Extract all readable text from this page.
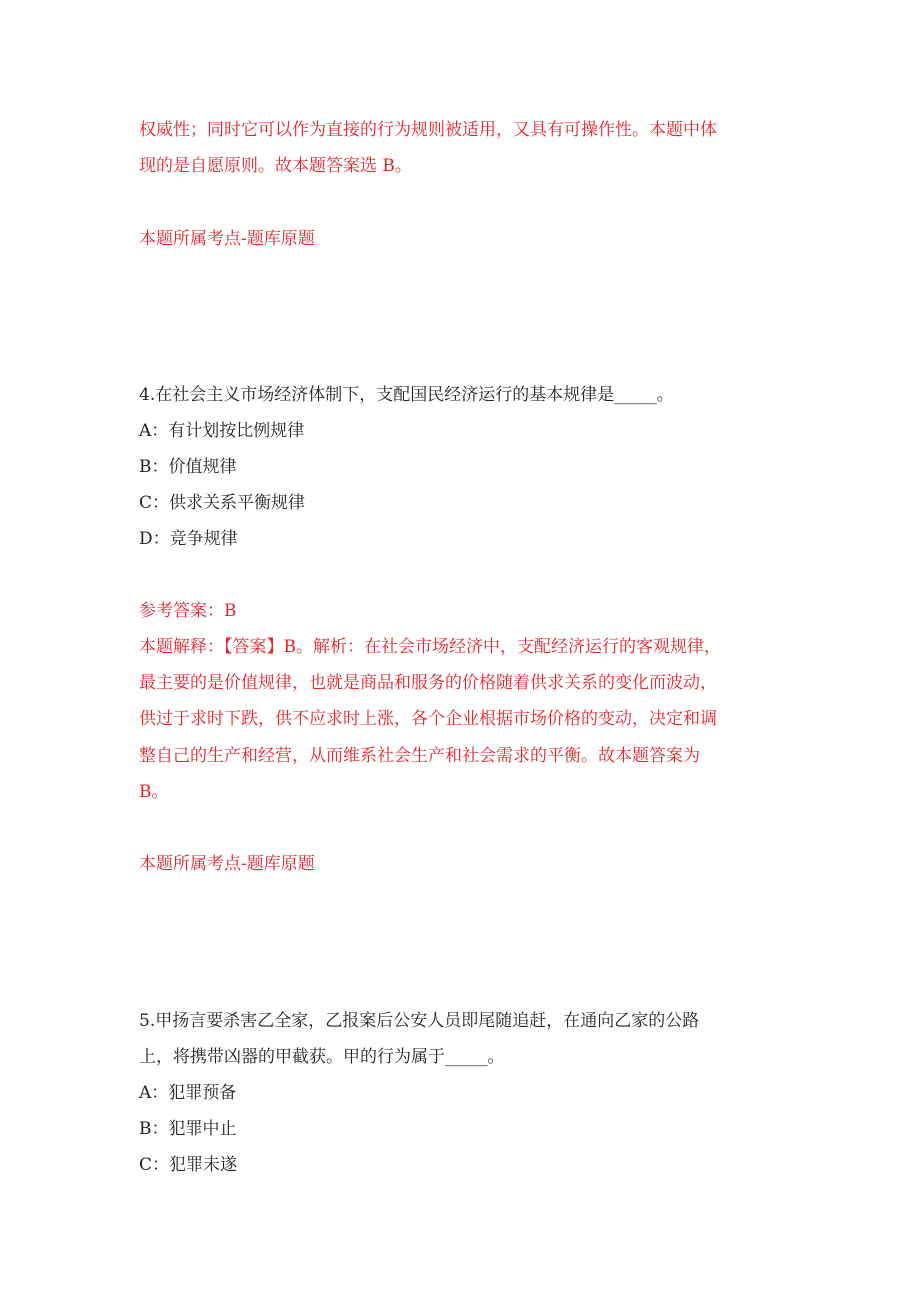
权威性；同时它可以作为直接的行为规则被适用，又具有可操作性。本题中体
现的是自愿原则。故本题答案选 B。
本题所属考点-题库原题
4.在社会主义市场经济体制下，支配国民经济运行的基本规律是_____。
A：有计划按比例规律
B：价值规律
C：供求关系平衡规律
D：竞争规律
参考答案：B
本题解释：【答案】B。解析：在社会市场经济中，支配经济运行的客观规律，
最主要的是价值规律，也就是商品和服务的价格随着供求关系的变化而波动，
供过于求时下跌，供不应求时上涨，各个企业根据市场价格的变动，决定和调
整自己的生产和经营，从而维系社会生产和社会需求的平衡。故本题答案为
B。
本题所属考点-题库原题
5.甲扬言要杀害乙全家，乙报案后公安人员即尾随追赶，在通向乙家的公路
上，将携带凶器的甲截获。甲的行为属于_____。
A：犯罪预备
B：犯罪中止
C：犯罪未遂
